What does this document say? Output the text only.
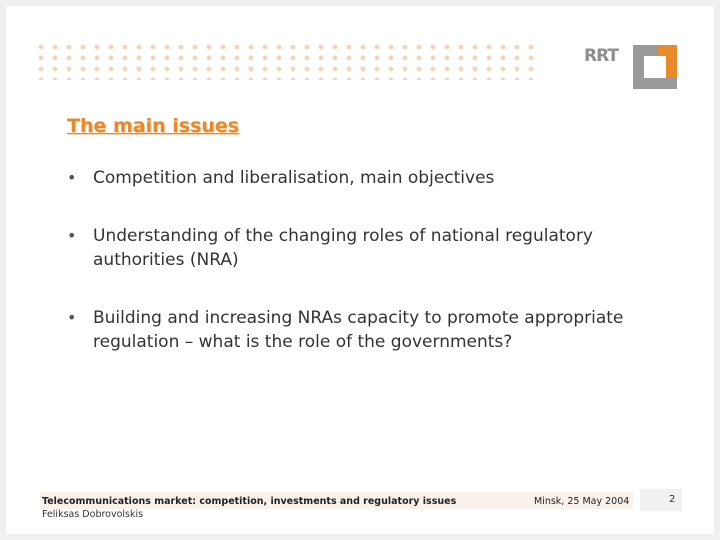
RRT
The main issues
• Competition and liberalisation, main objectives
• Understanding of the changing roles of national regulatory
authorities (NRA)
• Building and increasing NRAs capacity to promote appropriate
regulation – what is the role of the governments?
Telecommunications market: competition, investments and regulatory issues
Feliksas Dobrovolskis
Minsk, 25 May 2004	2
